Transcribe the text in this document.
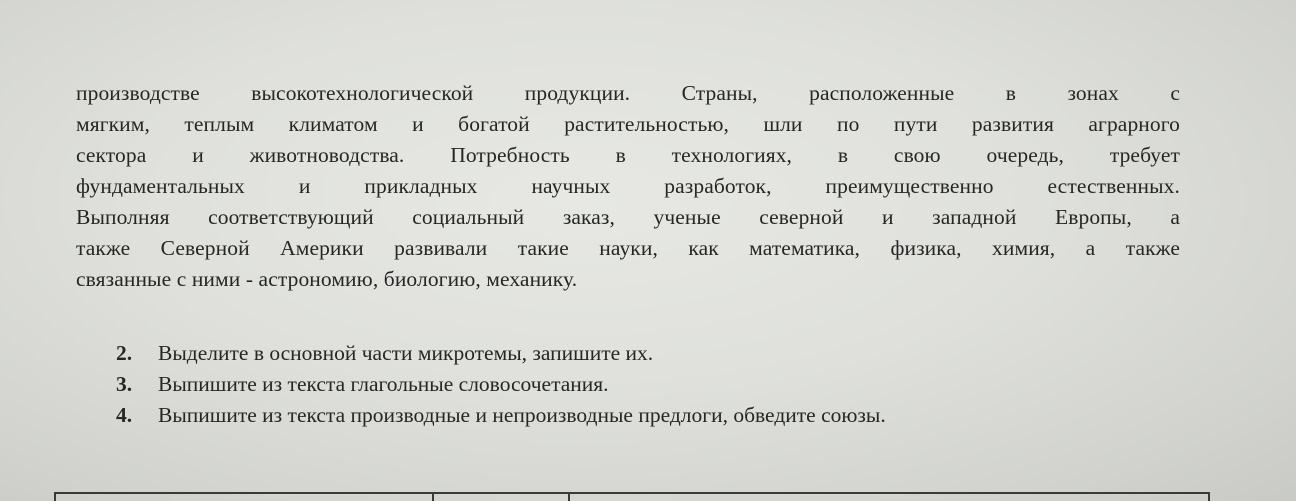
производстве высокотехнологической продукции. Страны, расположенные в зонах с
мягким, теплым климатом и богатой растительностью, шли по пути развития аграрного
сектора и животноводства. Потребность в технологиях, в свою очередь, требует
фундаментальных и прикладных научных разработок, преимущественно естественных.
Выполняя соответствующий социальный заказ, ученые северной и западной Европы, а
также Северной Америки развивали такие науки, как математика, физика, химия, а также
связанные с ними - астрономию, биологию, механику.
2.	Выделите в основной части микротемы, запишите их.
3.	Выпишите из текста глагольные словосочетания.
4.	Выпишите из текста производные и непроизводные предлоги, обведите союзы.
